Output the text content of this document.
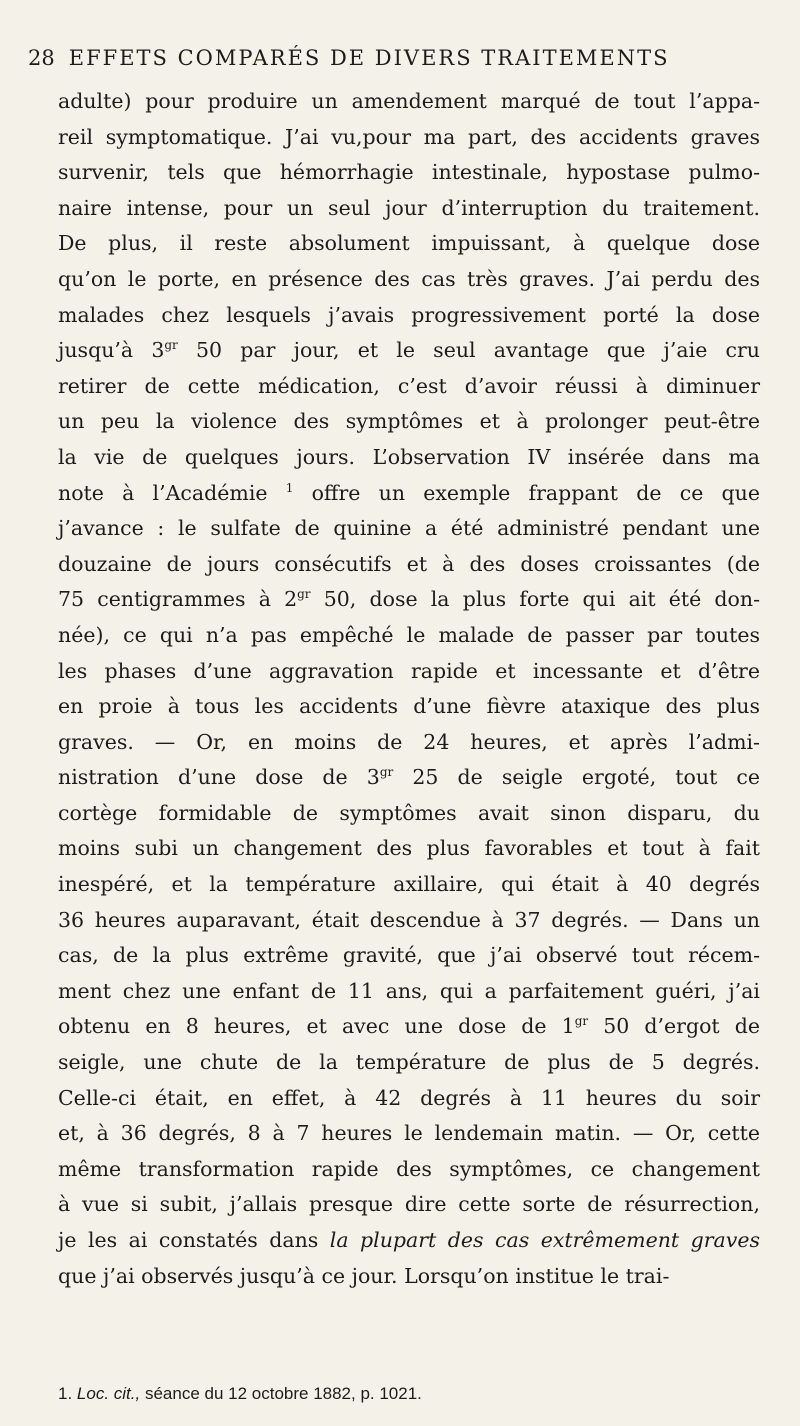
28 EFFETS COMPARÉS DE DIVERS TRAITEMENTS
adulte) pour produire un amendement marqué de tout l’appa-
reil symptomatique. J’ai vu,pour ma part, des accidents graves
survenir, tels que hémorrhagie intestinale, hypostase pulmo-
naire intense, pour un seul jour d’interruption du traitement.
De plus, il reste absolument impuissant, à quelque dose
qu’on le porte, en présence des cas très graves. J’ai perdu des
malades chez lesquels j’avais progressivement porté la dose
jusqu’à $3^{gr}$ 50 par jour, et le seul avantage que j’aie cru
retirer de cette médication, c’est d’avoir réussi à diminuer
un peu la violence des symptômes et à prolonger peut-être
la vie de quelques jours. L’observation IV insérée dans ma
note à l’Académie $^1$ offre un exemple frappant de ce que
j’avance : le sulfate de quinine a été administré pendant une
douzaine de jours consécutifs et à des doses croissantes (de
75 centigrammes à $2^{gr}$ 50, dose la plus forte qui ait été don-
née), ce qui n’a pas empêché le malade de passer par toutes
les phases d’une aggravation rapide et incessante et d’être
en proie à tous les accidents d’une fièvre ataxique des plus
graves. — Or, en moins de 24 heures, et après l’admi-
nistration d’une dose de $3^{gr}$ 25 de seigle ergoté, tout ce
cortège formidable de symptômes avait sinon disparu, du
moins subi un changement des plus favorables et tout à fait
inespéré, et la température axillaire, qui était à 40 degrés
36 heures auparavant, était descendue à 37 degrés. — Dans un
cas, de la plus extrême gravité, que j’ai observé tout récem-
ment chez une enfant de 11 ans, qui a parfaitement guéri, j’ai
obtenu en 8 heures, et avec une dose de $1^{gr}$ 50 d’ergot de
seigle, une chute de la température de plus de 5 degrés.
Celle-ci était, en effet, à 42 degrés à 11 heures du soir
et, à 36 degrés, 8 à 7 heures le lendemain matin. — Or, cette
même transformation rapide des symptômes, ce changement
à vue si subit, j’allais presque dire cette sorte de résurrection,
je les ai constatés dans la plupart des cas extrêmement graves
que j’ai observés jusqu’à ce jour. Lorsqu’on institue le trai-
1. Loc. cit., séance du 12 octobre 1882, p. 1021.
